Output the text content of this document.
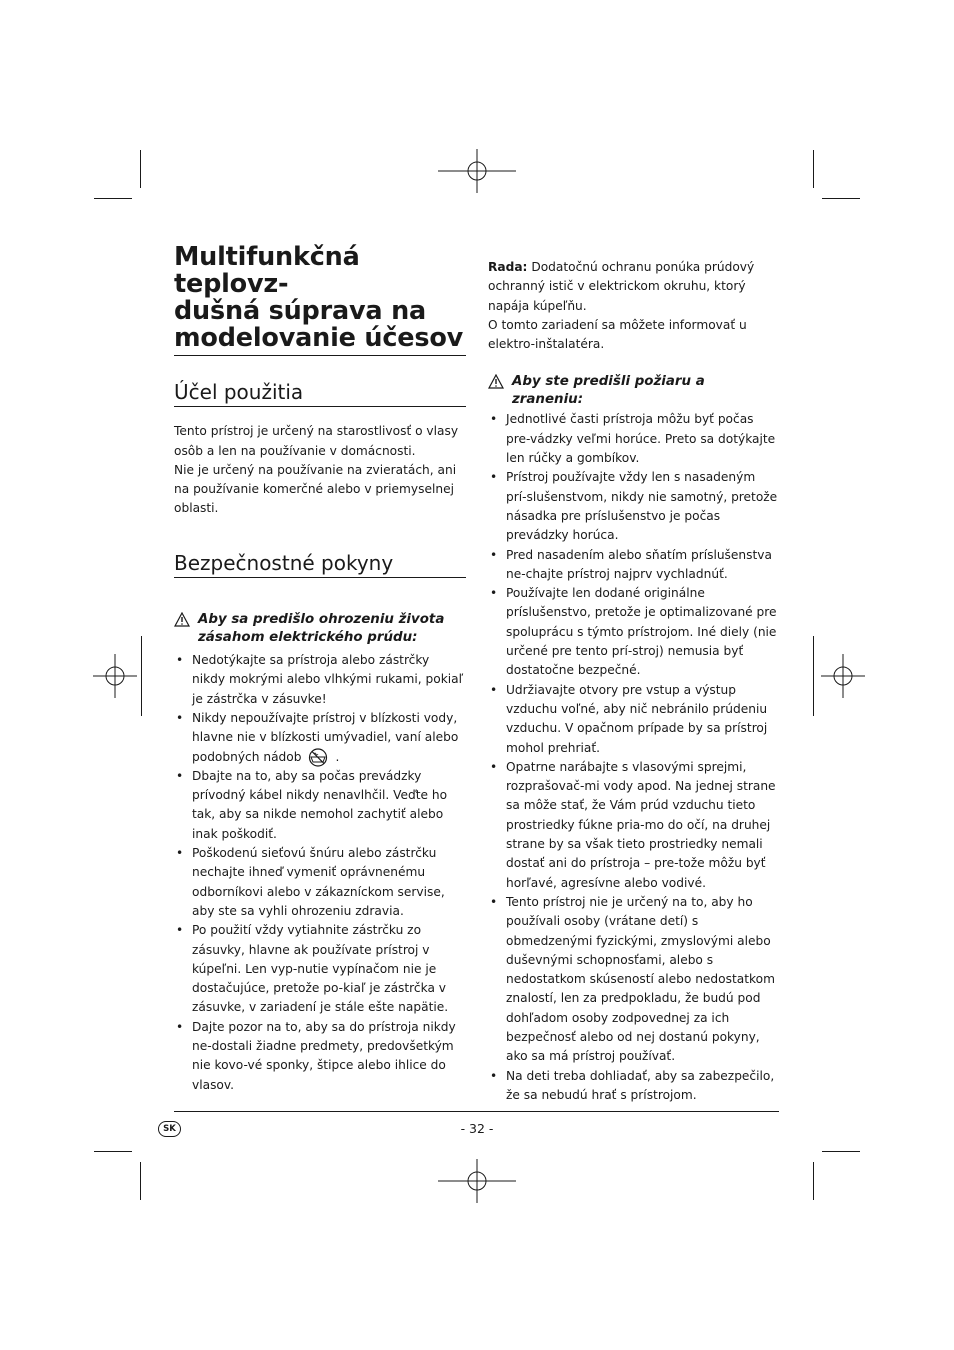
Multifunkčná teplovz-
dušná súprava na
modelovanie účesov
Účel použitia

Tento prístroj je určený na starostlivosť o vlasy osôb a len na používanie v domácnosti.

Nie je určený na používanie na zvieratách, ani na používanie komerčné alebo v priemyselnej oblasti.

Bezpečnostné pokyny
Aby sa predišlo ohrozeniu života zásahom elektrického prúdu:
• Nedotýkajte sa prístroja alebo zástrčky nikdy mokrými alebo vlhkými rukami, pokiaľ je zástrčka v zásuvke!
• Nikdy nepoužívajte prístroj v blízkosti vody, hlavne nie v blízkosti umývadiel, vaní alebo podobných nádob	.
• Dbajte na to, aby sa počas prevádzky prívodný kábel nikdy nenavlhčil. Veďte ho tak, aby sa nikde nemohol zachytiť alebo inak poškodiť.
• Poškodenú sieťovú šnúru alebo zástrčku nechajte ihneď vymeniť oprávnenému odborníkovi alebo v zákazníckom servise, aby ste sa vyhli ohrozeniu zdravia.
• Po použití vždy vytiahnite zástrčku zo zásuvky, hlavne ak používate prístroj v kúpeľni. Len vyp-nutie vypínačom nie je dostačujúce, pretože po-kiaľ je zástrčka v zásuvke, v zariadení je stále ešte napätie.
• Dajte pozor na to, aby sa do prístroja nikdy ne-dostali žiadne predmety, predovšetkým nie kovo-vé sponky, štipce alebo ihlice do vlasov.

Rada: Dodatočnú ochranu ponúka prúdový ochranný istič v elektrickom okruhu, ktorý napája kúpeľňu.

O tomto zariadení sa môžete informovať u elektro-inštalatéra.

Aby ste predišli požiaru a zraneniu:
• Jednotlivé časti prístroja môžu byť počas pre-vádzky veľmi horúce. Preto sa dotýkajte len rúčky a gombíkov.
• Prístroj používajte vždy len s nasadeným prí-slušenstvom, nikdy nie samotný, pretože násadka pre príslušenstvo je počas prevádzky horúca.
• Pred nasadením alebo sňatím príslušenstva ne-chajte prístroj najprv vychladnúť.
• Používajte len dodané originálne príslušenstvo, pretože je optimalizované pre spoluprácu s týmto prístrojom. Iné diely (nie určené pre tento prí-stroj) nemusia byť dostatočne bezpečné.
• Udržiavajte otvory pre vstup a výstup vzduchu voľné, aby nič nebránilo prúdeniu vzduchu. V opačnom prípade by sa prístroj mohol prehriať.
• Opatrne narábajte s vlasovými sprejmi, rozprašovač-mi vody apod. Na jednej strane sa môže stať, že Vám prúd vzduchu tieto prostriedky fúkne pria-mo do očí, na druhej strane by sa však tieto prostriedky nemali dostať ani do prístroja – pre-tože môžu byť horľavé, agresívne alebo vodivé.
• Tento prístroj nie je určený na to, aby ho používali osoby (vrátane detí) s obmedzenými fyzickými, zmyslovými alebo duševnými schopnosťami, alebo s nedostatkom skúseností alebo nedostatkom znalostí, len za predpokladu, že budú pod dohľadom osoby zodpovednej za ich bezpečnosť alebo od nej dostanú pokyny, ako sa má prístroj používať.
• Na deti treba dohliadať, aby sa zabezpečilo, že sa nebudú hrať s prístrojom.
SK	- 32 -
